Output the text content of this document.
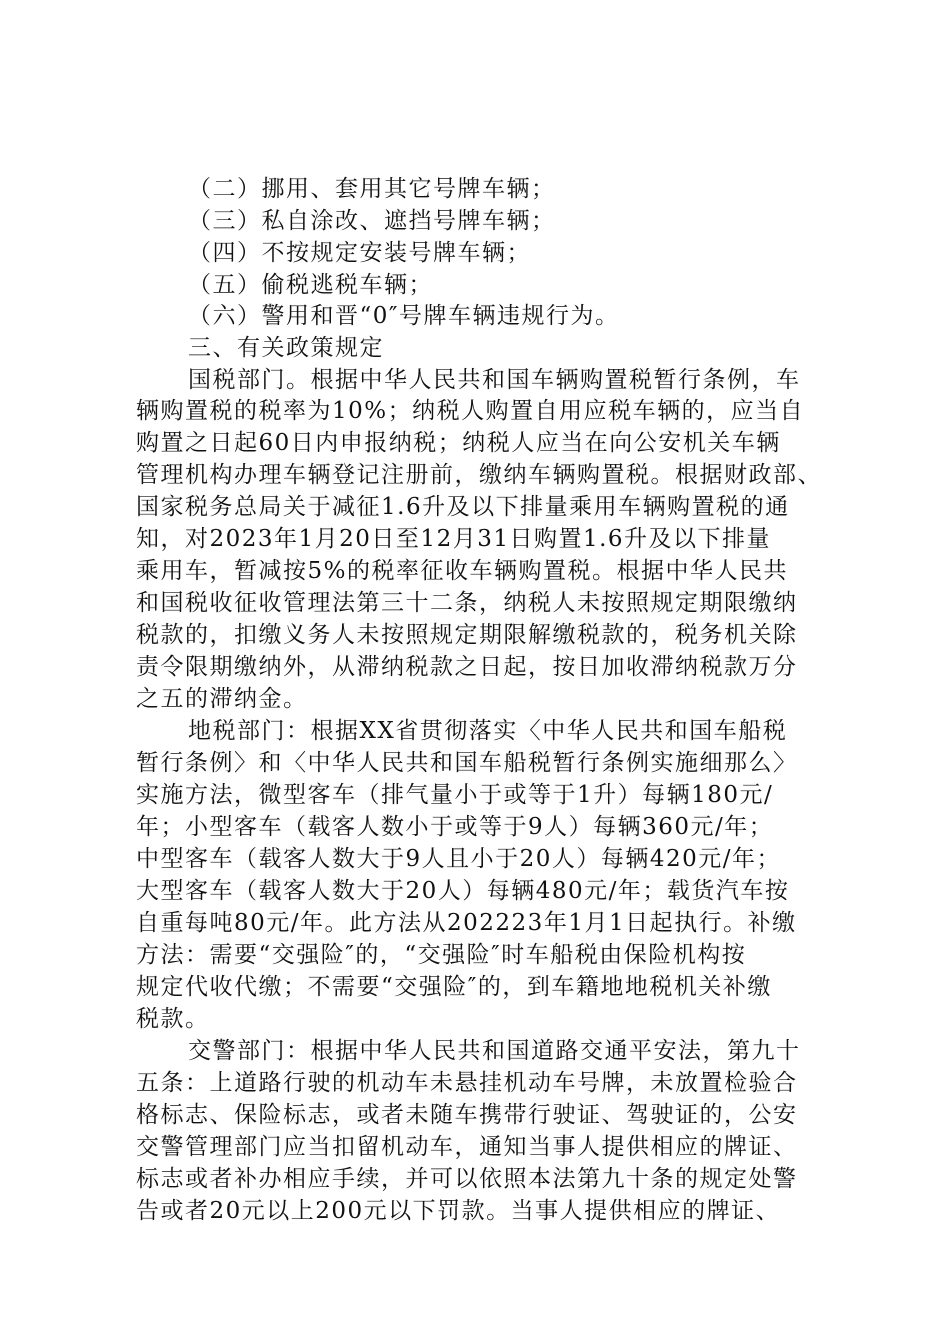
（二）挪用、套用其它号牌车辆；
（三）私自涂改、遮挡号牌车辆；
（四）不按规定安装号牌车辆；
（五）偷税逃税车辆；
（六）警用和晋“0″号牌车辆违规行为。
三、有关政策规定
国税部门。根据中华人民共和国车辆购置税暂行条例，车
辆购置税的税率为10%；纳税人购置自用应税车辆的，应当自
购置之日起60日内申报纳税；纳税人应当在向公安机关车辆
管理机构办理车辆登记注册前，缴纳车辆购置税。根据财政部、
国家税务总局关于减征1.6升及以下排量乘用车辆购置税的通
知，对2023年1月20日至12月31日购置1.6升及以下排量
乘用车，暂减按5%的税率征收车辆购置税。根据中华人民共
和国税收征收管理法第三十二条，纳税人未按照规定期限缴纳
税款的，扣缴义务人未按照规定期限解缴税款的，税务机关除
责令限期缴纳外，从滞纳税款之日起，按日加收滞纳税款万分
之五的滞纳金。
地税部门：根据XX省贯彻落实〈中华人民共和国车船税
暂行条例〉和〈中华人民共和国车船税暂行条例实施细那么〉
实施方法，微型客车（排气量小于或等于1升）每辆180元/
年；小型客车（载客人数小于或等于9人）每辆360元/年；
中型客车（载客人数大于9人且小于20人）每辆420元/年；
大型客车（载客人数大于20人）每辆480元/年；载货汽车按
自重每吨80元/年。此方法从202223年1月1日起执行。补缴
方法：需要“交强险″的，“交强险″时车船税由保险机构按
规定代收代缴；不需要“交强险″的，到车籍地地税机关补缴
税款。
交警部门：根据中华人民共和国道路交通平安法，第九十
五条：上道路行驶的机动车未悬挂机动车号牌，未放置检验合
格标志、保险标志，或者未随车携带行驶证、驾驶证的，公安
交警管理部门应当扣留机动车，通知当事人提供相应的牌证、
标志或者补办相应手续，并可以依照本法第九十条的规定处警
告或者20元以上200元以下罚款。当事人提供相应的牌证、
